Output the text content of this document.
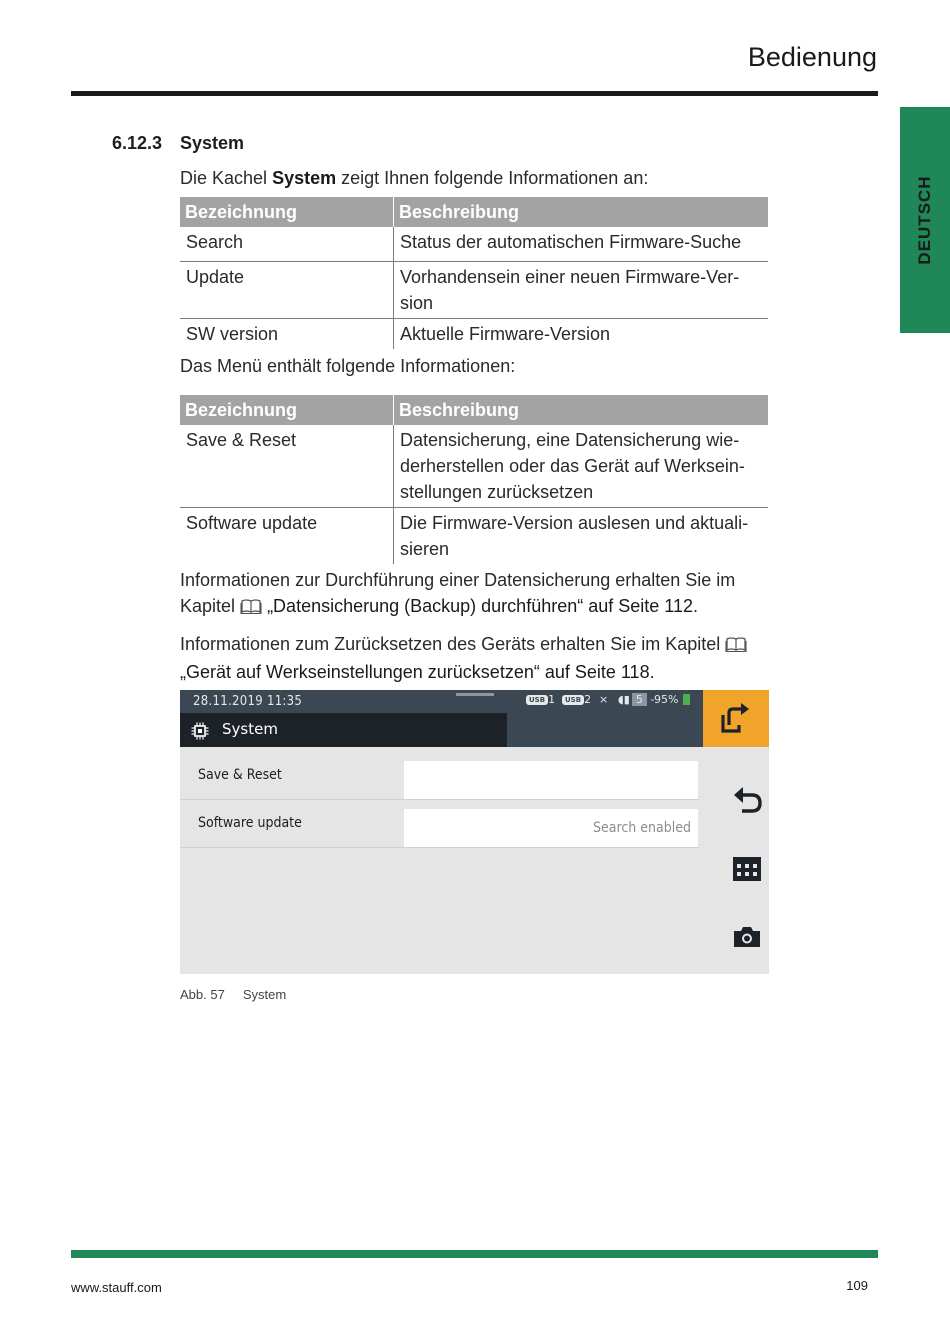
Bedienung
DEUTSCH
6.12.3 System
Die Kachel System zeigt Ihnen folgende Informationen an:
Bezeichnung	Beschreibung
Search	Status der automatischen Firmware-Suche
Update	Vorhandensein einer neuen Firmware-Ver-
sion
SW version	Aktuelle Firmware-Version
Das Menü enthält folgende Informationen:
Bezeichnung	Beschreibung
Save & Reset	Datensicherung, eine Datensicherung wie-
derherstellen oder das Gerät auf Werksein-
stellungen zurücksetzen
Software update	Die Firmware-Version auslesen und aktuali-
sieren
Informationen zur Durchführung einer Datensicherung erhalten Sie im
Kapitel  „Datensicherung (Backup) durchführen“ auf Seite 112.
Informationen zum Zurücksetzen des Geräts erhalten Sie im Kapitel
„Gerät auf Werkseinstellungen zurücksetzen“ auf Seite 118.
28.11.2019 11:35	USB 1	USB 2 × ◖▮ 5 - 95%
System
Save & Reset
Software update	Search enabled
Abb. 57 System
www.stauff.com	109
